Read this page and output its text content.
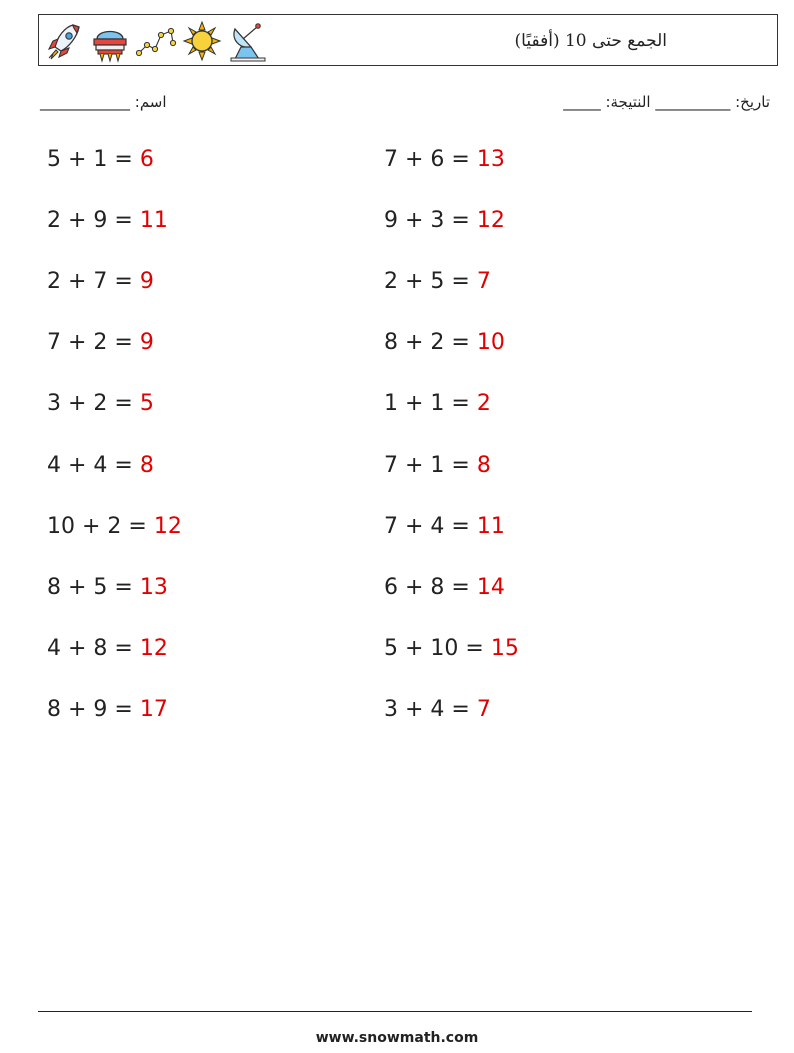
الجمع حتى 10 (أفقيًا)
____________ :اسم	_____ :تاريخ: __________ النتيجة
5 + 1 = 6	7 + 6 = 13
2 + 9 = 11	9 + 3 = 12
2 + 7 = 9	2 + 5 = 7
7 + 2 = 9	8 + 2 = 10
3 + 2 = 5	1 + 1 = 2
4 + 4 = 8	7 + 1 = 8
10 + 2 = 12	7 + 4 = 11
8 + 5 = 13	6 + 8 = 14
4 + 8 = 12	5 + 10 = 15
8 + 9 = 17	3 + 4 = 7
www.snowmath.com
